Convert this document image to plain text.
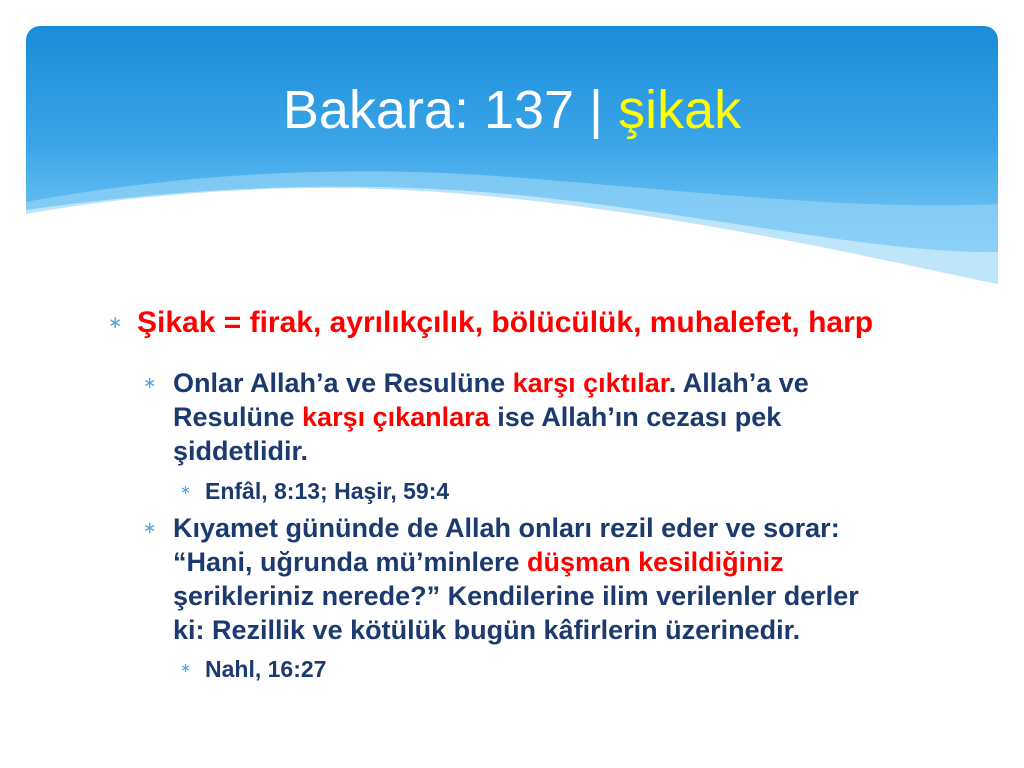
Bakara: 137 | şikak
∗ Şikak = firak, ayrılıkçılık, bölücülük, muhalefet, harp
∗ Onlar Allah’a ve Resulüne karşı çıktılar. Allah’a ve
Resulüne karşı çıkanlara ise Allah’ın cezası pek
şiddetlidir.
∗ Enfâl, 8:13; Haşir, 59:4
∗ Kıyamet gününde de Allah onları rezil eder ve sorar:
“Hani, uğrunda mü’minlere düşman kesildiğiniz
şerikleriniz nerede?” Kendilerine ilim verilenler derler
ki: Rezillik ve kötülük bugün kâfirlerin üzerinedir.
∗ Nahl, 16:27
